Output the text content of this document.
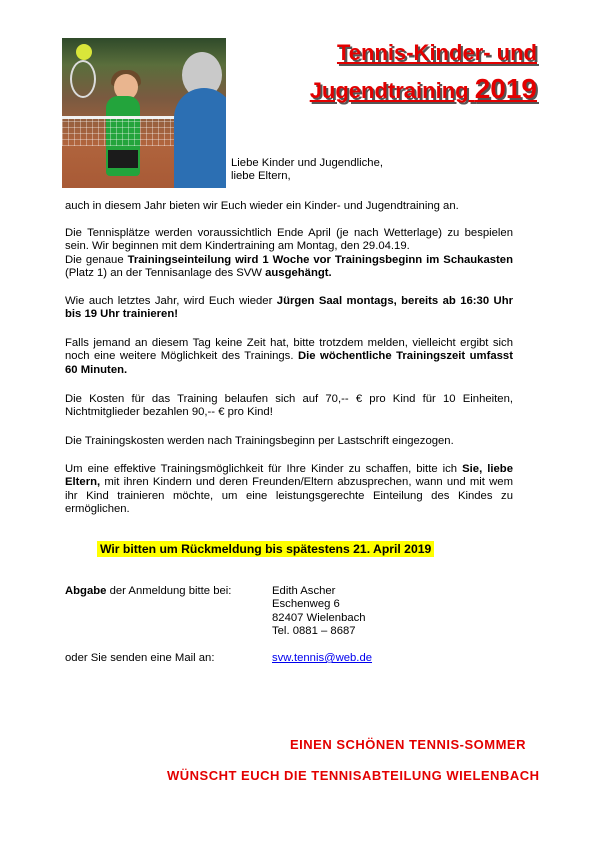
Tennis-Kinder- und
Jugendtraining 2019
Liebe Kinder und Jugendliche,
liebe Eltern,
auch in diesem Jahr bieten wir Euch wieder ein Kinder- und Jugendtraining an.
Die Tennisplätze werden voraussichtlich Ende April (je nach Wetterlage) zu bespielen sein. Wir beginnen mit dem Kindertraining am Montag, den 29.04.19.
Die genaue Trainingseinteilung wird 1 Woche vor Trainingsbeginn im Schaukasten (Platz 1) an der Tennisanlage des SVW ausgehängt.
Wie auch letztes Jahr, wird Euch wieder Jürgen Saal montags, bereits ab 16:30 Uhr bis 19 Uhr trainieren!
Falls jemand an diesem Tag keine Zeit hat, bitte trotzdem melden, vielleicht ergibt sich noch eine weitere Möglichkeit des Trainings. Die wöchentliche Trainingszeit umfasst 60 Minuten.
Die Kosten für das Training belaufen sich auf 70,-- € pro Kind für 10 Einheiten, Nichtmitglieder bezahlen 90,-- € pro Kind!
Die Trainingskosten werden nach Trainingsbeginn per Lastschrift eingezogen.
Um eine effektive Trainingsmöglichkeit für Ihre Kinder zu schaffen, bitte ich Sie, liebe Eltern, mit ihren Kindern und deren Freunden/Eltern abzusprechen, wann und mit wem ihr Kind trainieren möchte, um eine leistungsgerechte Einteilung des Kindes zu ermöglichen.
Wir bitten um Rückmeldung bis spätestens 21. April 2019
Abgabe der Anmeldung bitte bei:	Edith Ascher
Eschenweg 6
82407 Wielenbach
Tel. 0881 – 8687
oder Sie senden eine Mail an:	svw.tennis@web.de
EINEN SCHÖNEN TENNIS-SOMMER
WÜNSCHT EUCH DIE TENNISABTEILUNG WIELENBACH
